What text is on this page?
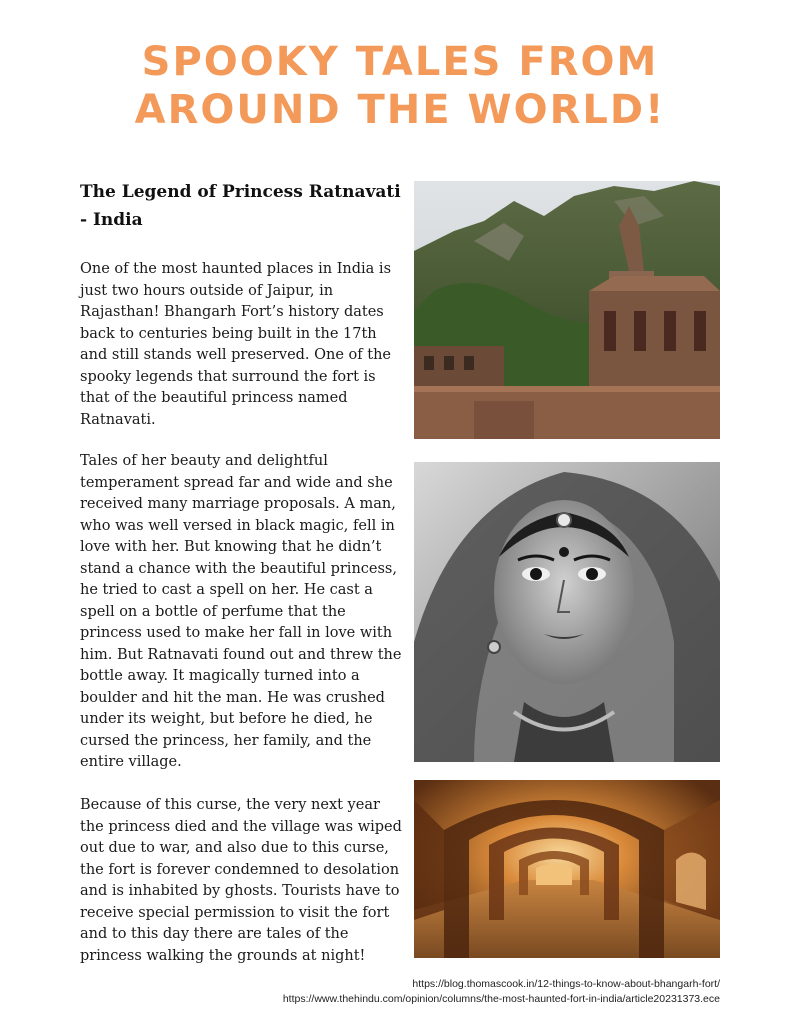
SPOOKY TALES FROM
AROUND THE WORLD!
The Legend of Princess Ratnavati - India
One of the most haunted places in India is just two hours outside of Jaipur, in Rajasthan! Bhangarh Fort’s history dates back to centuries being built in the 17th and still stands well preserved. One of the spooky legends that surround the fort is that of the beautiful princess named Ratnavati.
Tales of her beauty and delightful temperament spread far and wide and she received many marriage proposals. A man, who was well versed in black magic, fell in love with her. But knowing that he didn’t stand a chance with the beautiful princess, he tried to cast a spell on her. He cast a spell on a bottle of perfume that the princess used to make her fall in love with him. But Ratnavati found out and threw the bottle away. It magically turned into a boulder and hit the man. He was crushed under its weight, but before he died, he cursed the princess, her family, and the entire village.
Because of this curse, the very next year the princess died and the village was wiped out due to war, and also due to this curse, the fort is forever condemned to desolation and is inhabited by ghosts. Tourists have to receive special permission to visit the fort and to this day there are tales of the princess walking the grounds at night!
https://blog.thomascook.in/12-things-to-know-about-bhangarh-fort/
https://www.thehindu.com/opinion/columns/the-most-haunted-fort-in-india/article20231373.ece
